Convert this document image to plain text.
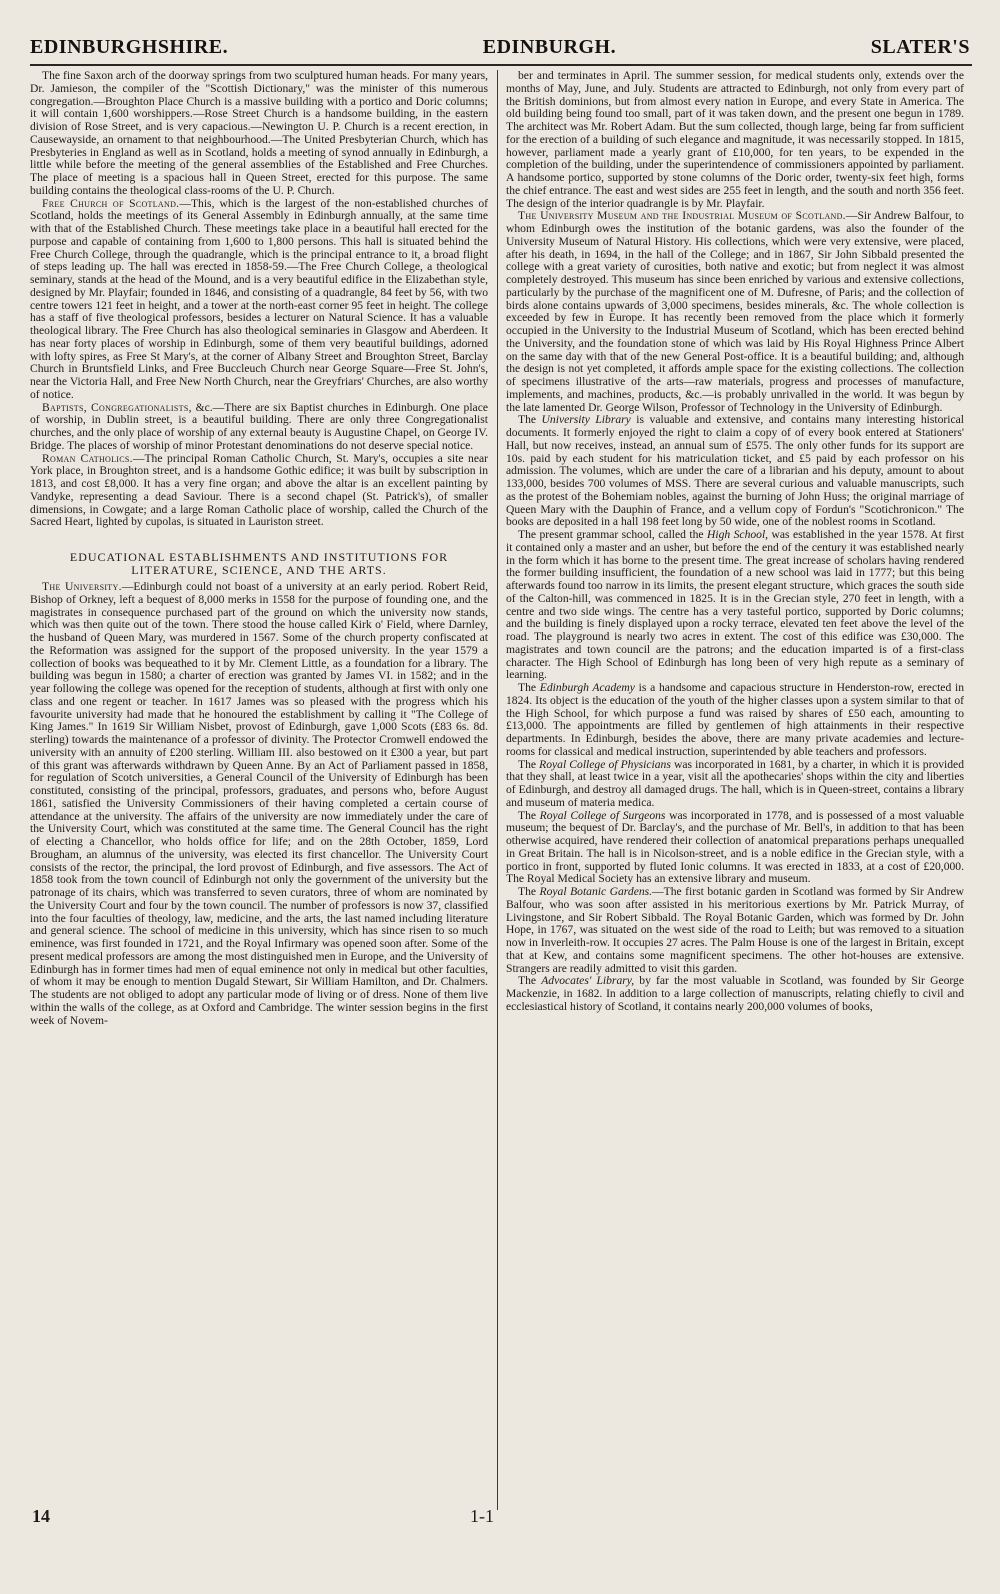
EDINBURGHSHIRE.	EDINBURGH.	SLATER'S

The fine Saxon arch of the doorway springs from two sculptured human heads. For many years, Dr. Jamieson, the compiler of the "Scottish Dictionary," was the minister of this numerous congregation.—Broughton Place Church is a massive building with a portico and Doric columns; it will contain 1,600 worshippers.—Rose Street Church is a handsome building, in the eastern division of Rose Street, and is very capacious.—Newington U. P. Church is a recent erection, in Causewayside, an ornament to that neighbourhood.—The United Presbyterian Church, which has Presbyteries in England as well as in Scotland, holds a meeting of synod annually in Edinburgh, a little while before the meeting of the general assemblies of the Established and Free Churches. The place of meeting is a spacious hall in Queen Street, erected for this purpose. The same building contains the theological class-rooms of the U. P. Church.

Free Church of Scotland.—This, which is the largest of the non-established churches of Scotland, holds the meetings of its General Assembly in Edinburgh annually, at the same time with that of the Established Church. These meetings take place in a beautiful hall erected for the purpose and capable of containing from 1,600 to 1,800 persons. This hall is situated behind the Free Church College, through the quadrangle, which is the principal entrance to it, a broad flight of steps leading up. The hall was erected in 1858-59.—The Free Church College, a theological seminary, stands at the head of the Mound, and is a very beautiful edifice in the Elizabethan style, designed by Mr. Playfair; founded in 1846, and consisting of a quadrangle, 84 feet by 56, with two centre towers 121 feet in height, and a tower at the north-east corner 95 feet in height. The college has a staff of five theological professors, besides a lecturer on Natural Science. It has a valuable theological library. The Free Church has also theological seminaries in Glasgow and Aberdeen. It has near forty places of worship in Edinburgh, some of them very beautiful buildings, adorned with lofty spires, as Free St Mary's, at the corner of Albany Street and Broughton Street, Barclay Church in Bruntsfield Links, and Free Buccleuch Church near George Square—Free St. John's, near the Victoria Hall, and Free New North Church, near the Greyfriars' Churches, are also worthy of notice.

Baptists, Congregationalists, &c.—There are six Baptist churches in Edinburgh. One place of worship, in Dublin street, is a beautiful building. There are only three Congregationalist churches, and the only place of worship of any external beauty is Augustine Chapel, on George IV. Bridge. The places of worship of minor Protestant denominations do not deserve special notice.

Roman Catholics.—The principal Roman Catholic Church, St. Mary's, occupies a site near York place, in Broughton street, and is a handsome Gothic edifice; it was built by subscription in 1813, and cost £8,000. It has a very fine organ; and above the altar is an excellent painting by Vandyke, representing a dead Saviour. There is a second chapel (St. Patrick's), of smaller dimensions, in Cowgate; and a large Roman Catholic place of worship, called the Church of the Sacred Heart, lighted by cupolas, is situated in Lauriston street.

EDUCATIONAL ESTABLISHMENTS AND INSTITUTIONS FOR LITERATURE, SCIENCE, AND THE ARTS.

The University.—Edinburgh could not boast of a university at an early period. Robert Reid, Bishop of Orkney, left a bequest of 8,000 merks in 1558 for the purpose of founding one, and the magistrates in consequence purchased part of the ground on which the university now stands, which was then quite out of the town. There stood the house called Kirk o' Field, where Darnley, the husband of Queen Mary, was murdered in 1567. Some of the church property confiscated at the Reformation was assigned for the support of the proposed university. In the year 1579 a collection of books was bequeathed to it by Mr. Clement Little, as a foundation for a library. The building was begun in 1580; a charter of erection was granted by James VI. in 1582; and in the year following the college was opened for the reception of students, although at first with only one class and one regent or teacher. In 1617 James was so pleased with the progress which his favourite university had made that he honoured the establishment by calling it "The College of King James." In 1619 Sir William Nisbet, provost of Edinburgh, gave 1,000 Scots (£83 6s. 8d. sterling) towards the maintenance of a professor of divinity. The Protector Cromwell endowed the university with an annuity of £200 sterling. William III. also bestowed on it £300 a year, but part of this grant was afterwards withdrawn by Queen Anne. By an Act of Parliament passed in 1858, for regulation of Scotch universities, a General Council of the University of Edinburgh has been constituted, consisting of the principal, professors, graduates, and persons who, before August 1861, satisfied the University Commissioners of their having completed a certain course of attendance at the university. The affairs of the university are now immediately under the care of the University Court, which was constituted at the same time. The General Council has the right of electing a Chancellor, who holds office for life; and on the 28th October, 1859, Lord Brougham, an alumnus of the university, was elected its first chancellor. The University Court consists of the rector, the principal, the lord provost of Edinburgh, and five assessors. The Act of 1858 took from the town council of Edinburgh not only the government of the university but the patronage of its chairs, which was transferred to seven curators, three of whom are nominated by the University Court and four by the town council. The number of professors is now 37, classified into the four faculties of theology, law, medicine, and the arts, the last named including literature and general science. The school of medicine in this university, which has since risen to so much eminence, was first founded in 1721, and the Royal Infirmary was opened soon after. Some of the present medical professors are among the most distinguished men in Europe, and the University of Edinburgh has in former times had men of equal eminence not only in medical but other faculties, of whom it may be enough to mention Dugald Stewart, Sir William Hamilton, and Dr. Chalmers. The students are not obliged to adopt any particular mode of living or of dress. None of them live within the walls of the college, as at Oxford and Cambridge. The winter session begins in the first week of Novem-

ber and terminates in April. The summer session, for medical students only, extends over the months of May, June, and July. Students are attracted to Edinburgh, not only from every part of the British dominions, but from almost every nation in Europe, and every State in America. The old building being found too small, part of it was taken down, and the present one begun in 1789. The architect was Mr. Robert Adam. But the sum collected, though large, being far from sufficient for the erection of a building of such elegance and magnitude, it was necessarily stopped. In 1815, however, parliament made a yearly grant of £10,000, for ten years, to be expended in the completion of the building, under the superintendence of commissioners appointed by parliament. A handsome portico, supported by stone columns of the Doric order, twenty-six feet high, forms the chief entrance. The east and west sides are 255 feet in length, and the south and north 356 feet. The design of the interior quadrangle is by Mr. Playfair.

The University Museum and the Industrial Museum of Scotland.—Sir Andrew Balfour, to whom Edinburgh owes the institution of the botanic gardens, was also the founder of the University Museum of Natural History. His collections, which were very extensive, were placed, after his death, in 1694, in the hall of the College; and in 1867, Sir John Sibbald presented the college with a great variety of curosities, both native and exotic; but from neglect it was almost completely destroyed. This museum has since been enriched by various and extensive collections, particularly by the purchase of the magnificent one of M. Dufresne, of Paris; and the collection of birds alone contains upwards of 3,000 specimens, besides minerals, &c. The whole collection is exceeded by few in Europe. It has recently been removed from the place which it formerly occupied in the University to the Industrial Museum of Scotland, which has been erected behind the University, and the foundation stone of which was laid by His Royal Highness Prince Albert on the same day with that of the new General Post-office. It is a beautiful building; and, although the design is not yet completed, it affords ample space for the existing collections. The collection of specimens illustrative of the arts—raw materials, progress and processes of manufacture, implements, and machines, products, &c.—is probably unrivalled in the world. It was begun by the late lamented Dr. George Wilson, Professor of Technology in the University of Edinburgh.

The University Library is valuable and extensive, and contains many interesting historical documents. It formerly enjoyed the right to claim a copy of of every book entered at Stationers' Hall, but now receives, instead, an annual sum of £575. The only other funds for its support are 10s. paid by each student for his matriculation ticket, and £5 paid by each professor on his admission. The volumes, which are under the care of a librarian and his deputy, amount to about 133,000, besides 700 volumes of MSS. There are several curious and valuable manuscripts, such as the protest of the Bohemiam nobles, against the burning of John Huss; the original marriage of Queen Mary with the Dauphin of France, and a vellum copy of Fordun's "Scotichronicon." The books are deposited in a hall 198 feet long by 50 wide, one of the noblest rooms in Scotland.

The present grammar school, called the High School, was established in the year 1578. At first it contained only a master and an usher, but before the end of the century it was established nearly in the form which it has borne to the present time. The great increase of scholars having rendered the former building insufficient, the foundation of a new school was laid in 1777; but this being afterwards found too narrow in its limits, the present elegant structure, which graces the south side of the Calton-hill, was commenced in 1825. It is in the Grecian style, 270 feet in length, with a centre and two side wings. The centre has a very tasteful portico, supported by Doric columns; and the building is finely displayed upon a rocky terrace, elevated ten feet above the level of the road. The playground is nearly two acres in extent. The cost of this edifice was £30,000. The magistrates and town council are the patrons; and the education imparted is of a first-class character. The High School of Edinburgh has long been of very high repute as a seminary of learning.

The Edinburgh Academy is a handsome and capacious structure in Henderston-row, erected in 1824. Its object is the education of the youth of the higher classes upon a system similar to that of the High School, for which purpose a fund was raised by shares of £50 each, amounting to £13,000. The appointments are filled by gentlemen of high attainments in their respective departments. In Edinburgh, besides the above, there are many private academies and lecture-rooms for classical and medical instruction, superintended by able teachers and professors.

The Royal College of Physicians was incorporated in 1681, by a charter, in which it is provided that they shall, at least twice in a year, visit all the apothecaries' shops within the city and liberties of Edinburgh, and destroy all damaged drugs. The hall, which is in Queen-street, contains a library and museum of materia medica.

The Royal College of Surgeons was incorporated in 1778, and is possessed of a most valuable museum; the bequest of Dr. Barclay's, and the purchase of Mr. Bell's, in addition to that has been otherwise acquired, have rendered their collection of anatomical preparations perhaps unequalled in Great Britain. The hall is in Nicolson-street, and is a noble edifice in the Grecian style, with a portico in front, supported by fluted Ionic columns. It was erected in 1833, at a cost of £20,000. The Royal Medical Society has an extensive library and museum.

The Royal Botanic Gardens.—The first botanic garden in Scotland was formed by Sir Andrew Balfour, who was soon after assisted in his meritorious exertions by Mr. Patrick Murray, of Livingstone, and Sir Robert Sibbald. The Royal Botanic Garden, which was formed by Dr. John Hope, in 1767, was situated on the west side of the road to Leith; but was removed to a situation now in Inverleith-row. It occupies 27 acres. The Palm House is one of the largest in Britain, except that at Kew, and contains some magnificent specimens. The other hot-houses are extensive. Strangers are readily admitted to visit this garden.

The Advocates' Library, by far the most valuable in Scotland, was founded by Sir George Mackenzie, in 1682. In addition to a large collection of manuscripts, relating chiefly to civil and ecclesiastical history of Scotland, it contains nearly 200,000 volumes of books,

14	1-1
